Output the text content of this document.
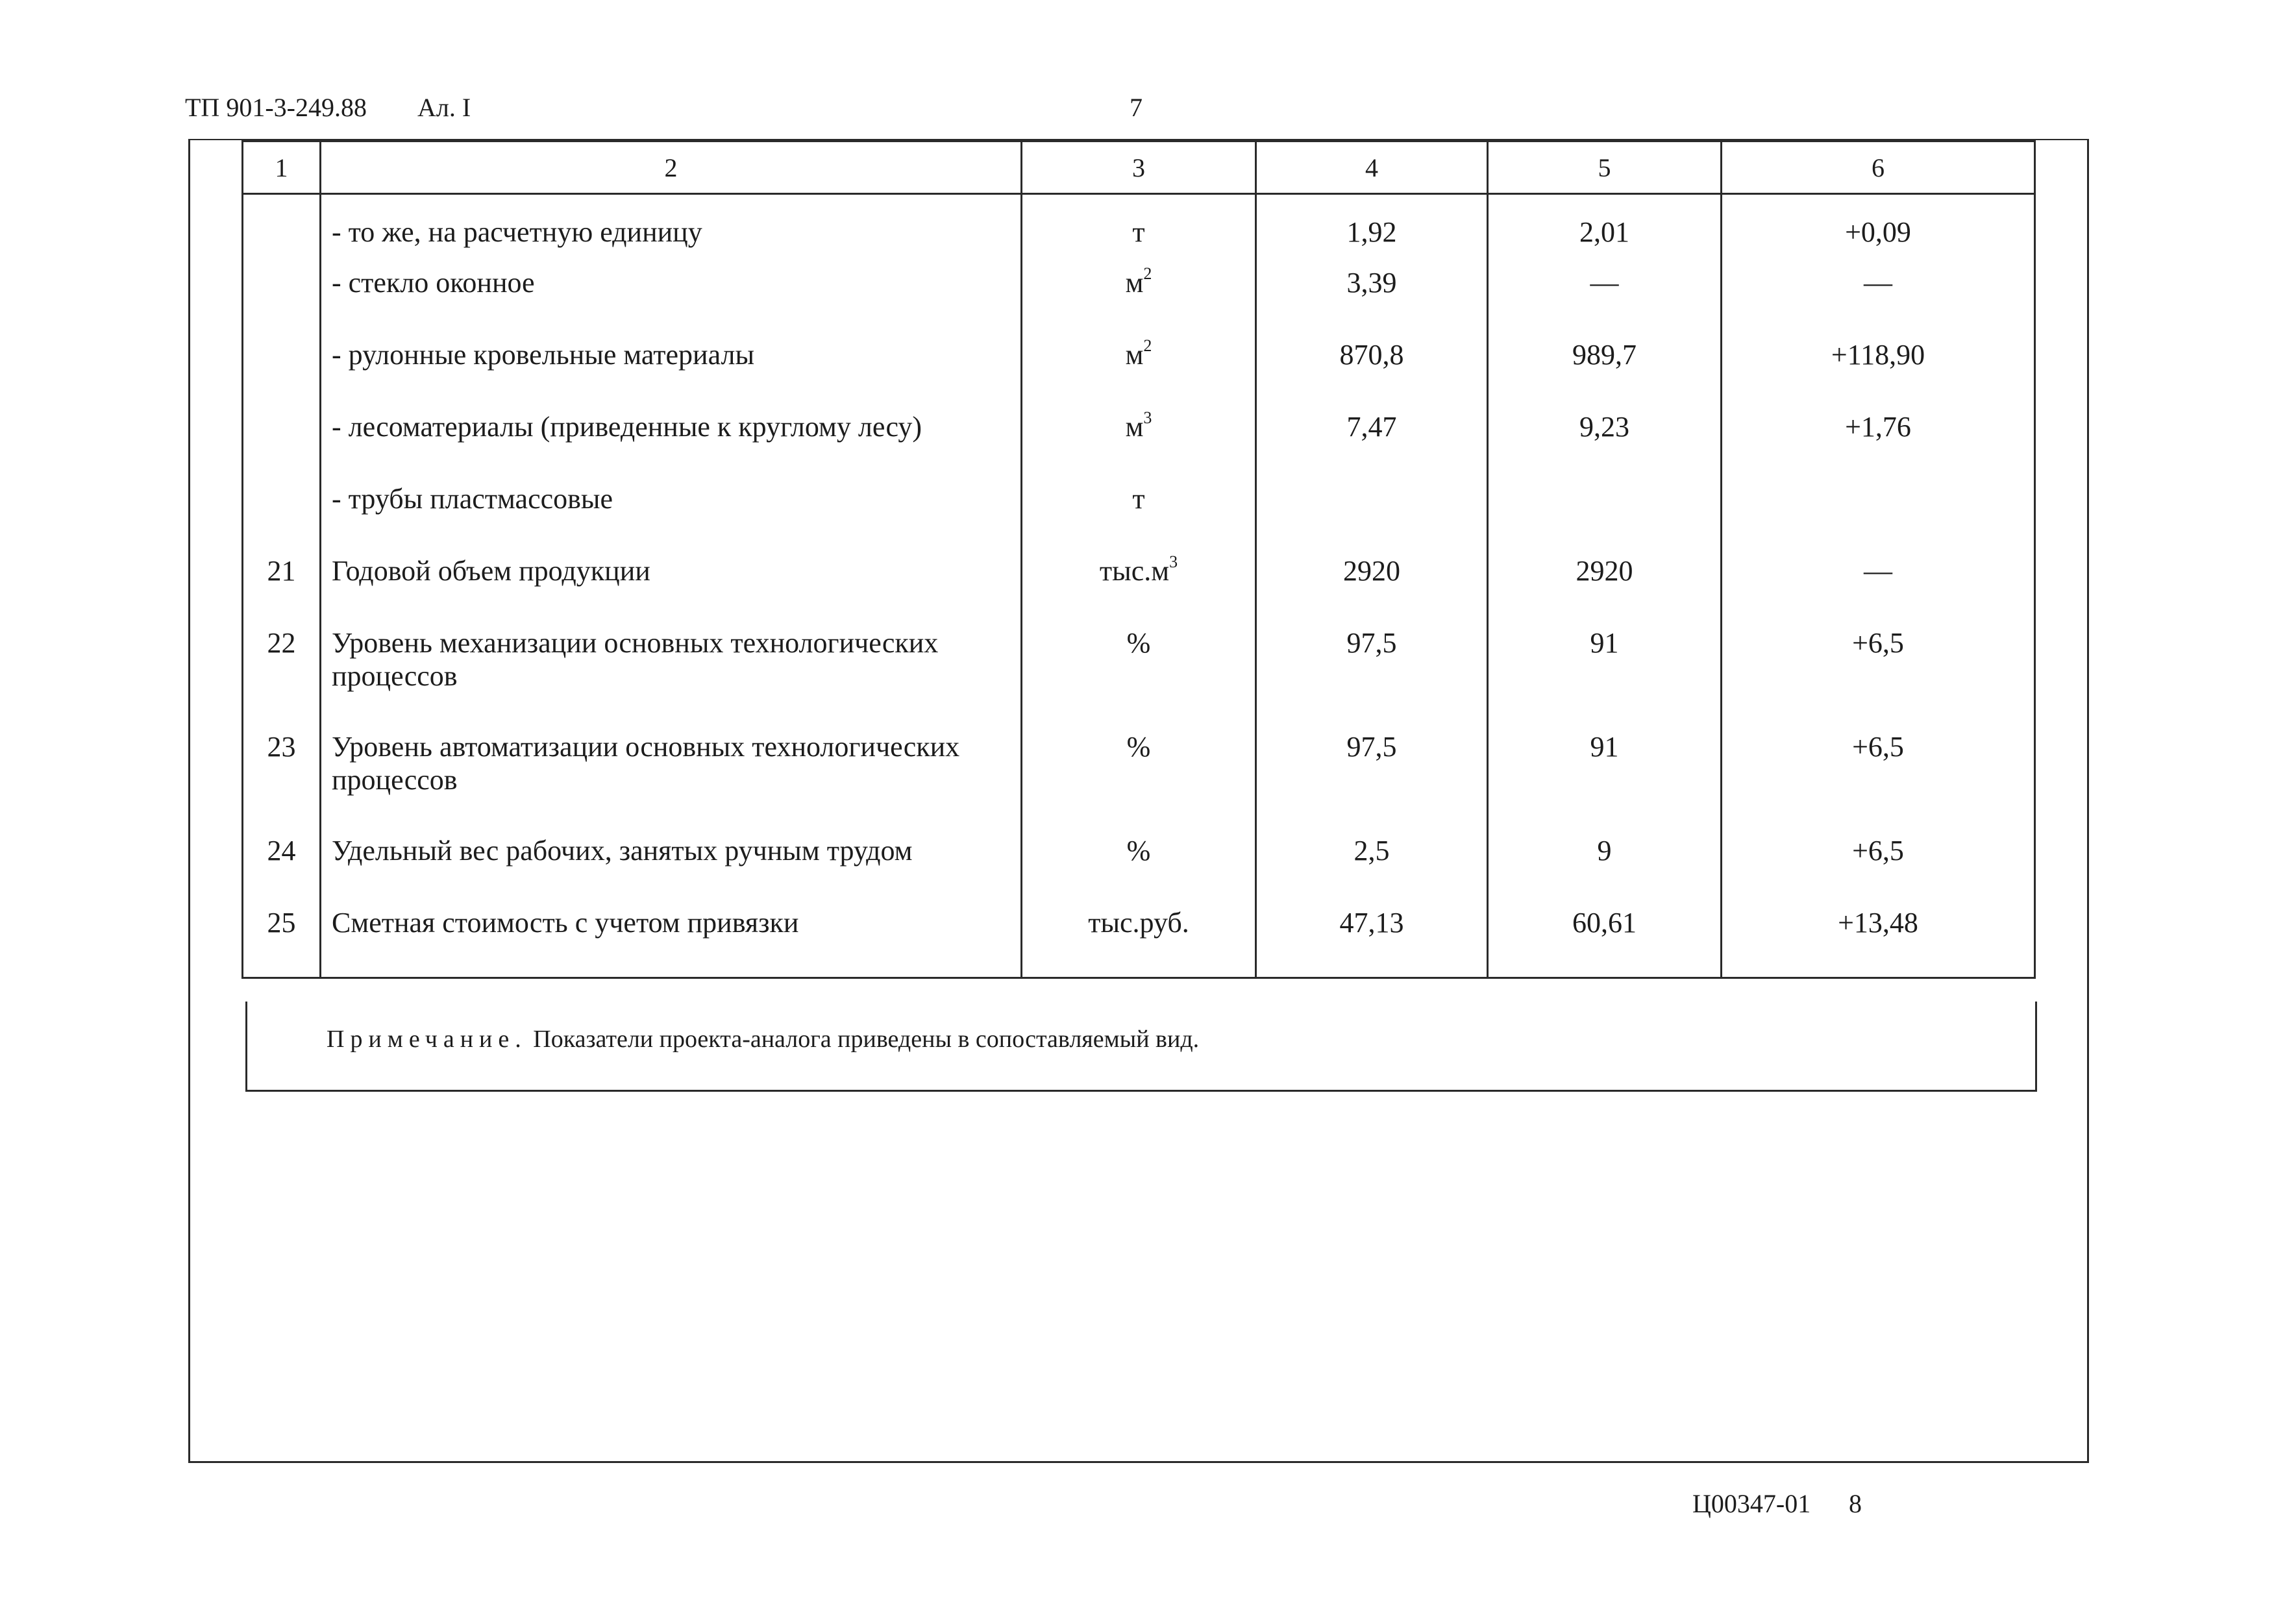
ТП 901-3-249.88 Ал. I	7
1	2	3	4	5	6
	- то же, на расчетную единицу	т	1,92	2,01	+0,09
	- стекло оконное	$м^2$	3,39	—	—
	- рулонные кровельные материалы	$м^2$	870,8	989,7	+118,90
	- лесоматериалы (приведенные к круглому лесу)	$м^3$	7,47	9,23	+1,76
	- трубы пластмассовые	т			
21	Годовой объем продукции	$тыс.м^3$	2920	2920	—
22	Уровень механизации основных технологических процессов	%	97,5	91	+6,5
23	Уровень автоматизации основных технологических процессов	%	97,5	91	+6,5
24	Удельный вес рабочих, занятых ручным трудом	%	2,5	9	+6,5
25	Сметная стоимость с учетом привязки	тыс.руб.	47,13	60,61	+13,48
Примечание. Показатели проекта-аналога приведены в сопоставляемый вид.
Ц00347-01 8
